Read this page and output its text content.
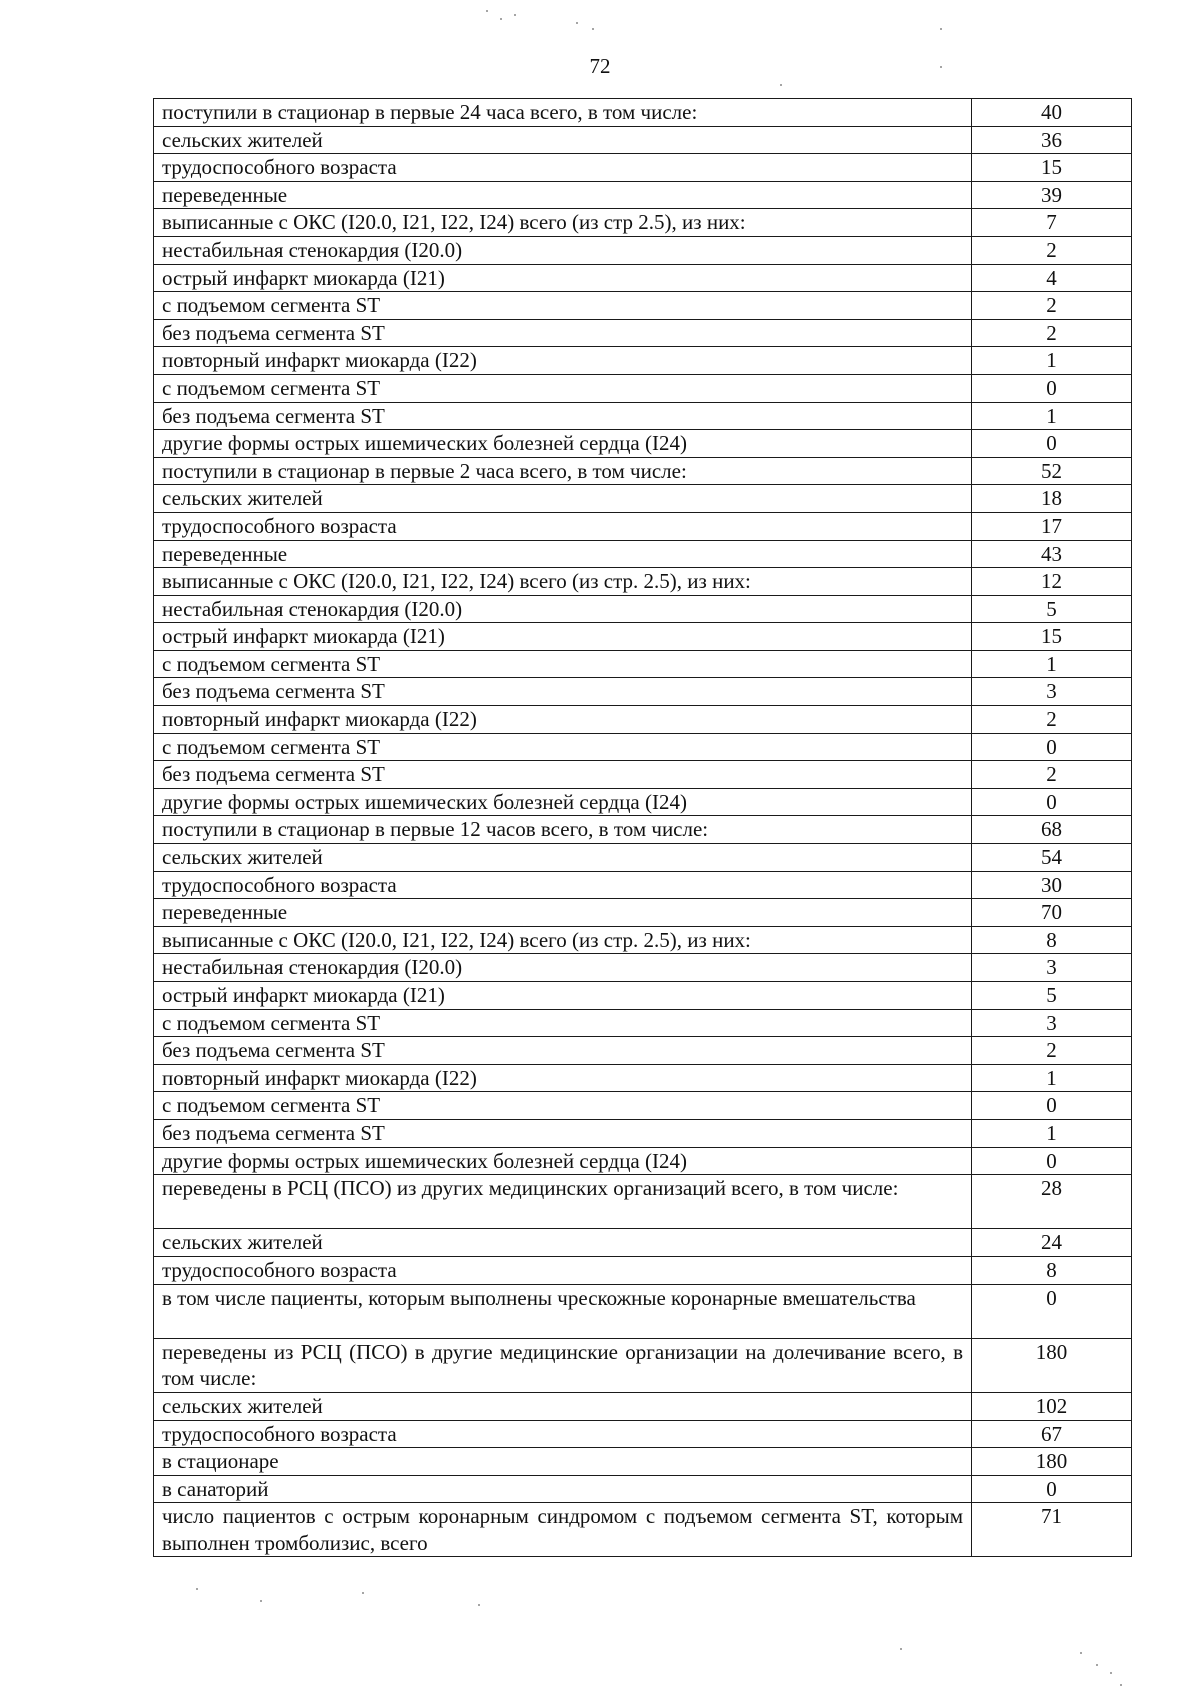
72
поступили в стационар в первые 24 часа всего, в том числе:	40
сельских жителей	36
трудоспособного возраста	15
переведенные	39
выписанные с ОКС (I20.0, I21, I22, I24) всего (из стр 2.5), из них:	7
нестабильная стенокардия (I20.0)	2
острый инфаркт миокарда (I21)	4
с подъемом сегмента ST	2
без подъема сегмента ST	2
повторный инфаркт миокарда (I22)	1
с подъемом сегмента ST	0
без подъема сегмента ST	1
другие формы острых ишемических болезней сердца (I24)	0
поступили в стационар в первые 2 часа всего, в том числе:	52
сельских жителей	18
трудоспособного возраста	17
переведенные	43
выписанные с ОКС (I20.0, I21, I22, I24) всего (из стр. 2.5), из них:	12
нестабильная стенокардия (I20.0)	5
острый инфаркт миокарда (I21)	15
с подъемом сегмента ST	1
без подъема сегмента ST	3
повторный инфаркт миокарда (I22)	2
с подъемом сегмента ST	0
без подъема сегмента ST	2
другие формы острых ишемических болезней сердца (I24)	0
поступили в стационар в первые 12 часов всего, в том числе:	68
сельских жителей	54
трудоспособного возраста	30
переведенные	70
выписанные с ОКС (I20.0, I21, I22, I24) всего (из стр. 2.5), из них:	8
нестабильная стенокардия (I20.0)	3
острый инфаркт миокарда (I21)	5
с подъемом сегмента ST	3
без подъема сегмента ST	2
повторный инфаркт миокарда (I22)	1
с подъемом сегмента ST	0
без подъема сегмента ST	1
другие формы острых ишемических болезней сердца (I24)	0
переведены в РСЦ (ПСО) из других медицинских организаций всего, в том числе:	28
сельских жителей	24
трудоспособного возраста	8
в том числе пациенты, которым выполнены чрескожные коронарные вмешательства	0
переведены из РСЦ (ПСО) в другие медицинские организации на долечивание всего, в том числе:	180
сельских жителей	102
трудоспособного возраста	67
в стационаре	180
в санаторий	0
число пациентов с острым коронарным синдромом с подъемом сегмента ST, которым выполнен тромболизис, всего	71
